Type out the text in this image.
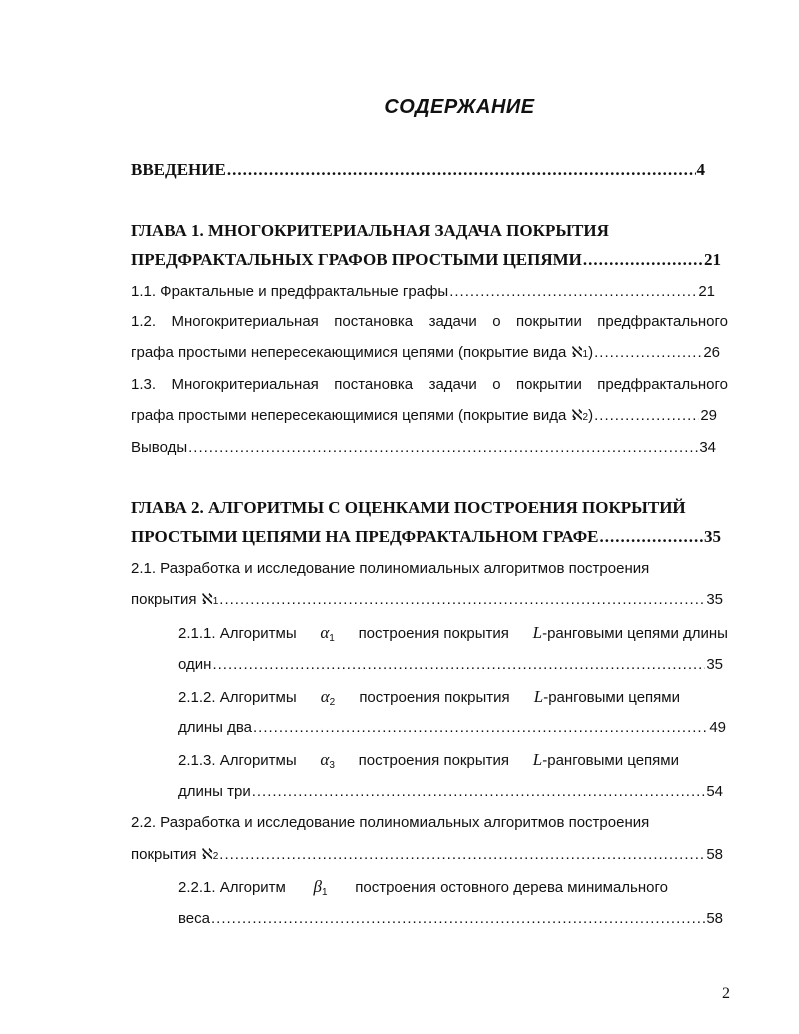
СОДЕРЖАНИЕ
ВВЕДЕНИЕ .....	4
ГЛАВА 1. МНОГОКРИТЕРИАЛЬНАЯ ЗАДАЧА ПОКРЫТИЯ
ПРЕДФРАКТАЛЬНЫХ ГРАФОВ ПРОСТЫМИ ЦЕПЯМИ .....	21
1.1. Фрактальные и предфрактальные графы .....	21
1.2. Многокритериальная постановка задачи о покрытии предфрактального
графа простыми непересекающимися цепями (покрытие вида ℵ 1 ) .....	26
1.3. Многокритериальная постановка задачи о покрытии предфрактального
графа простыми непересекающимися цепями (покрытие вида ℵ 2 ) .....	29
Выводы .....	34
ГЛАВА 2. АЛГОРИТМЫ С ОЦЕНКАМИ ПОСТРОЕНИЯ ПОКРЫТИЙ
ПРОСТЫМИ ЦЕПЯМИ НА ПРЕДФРАКТАЛЬНОМ ГРАФЕ .....	35
2.1. Разработка и исследование полиномиальных алгоритмов построения
покрытия ℵ 1 .....	35
2.1.1. Алгоритмы $\alpha_1$ построения покрытия L-ранговыми цепями длины
один .....	35
2.1.2. Алгоритмы $\alpha_2$ построения покрытия L-ранговыми цепями
длины два .....	49
2.1.3. Алгоритмы $\alpha_3$ построения покрытия L-ранговыми цепями
длины три .....	54
2.2. Разработка и исследование полиномиальных алгоритмов построения
покрытия ℵ 2 .....	58
2.2.1. Алгоритм $\beta_1$ построения остовного дерева минимального
веса .....	58
2
